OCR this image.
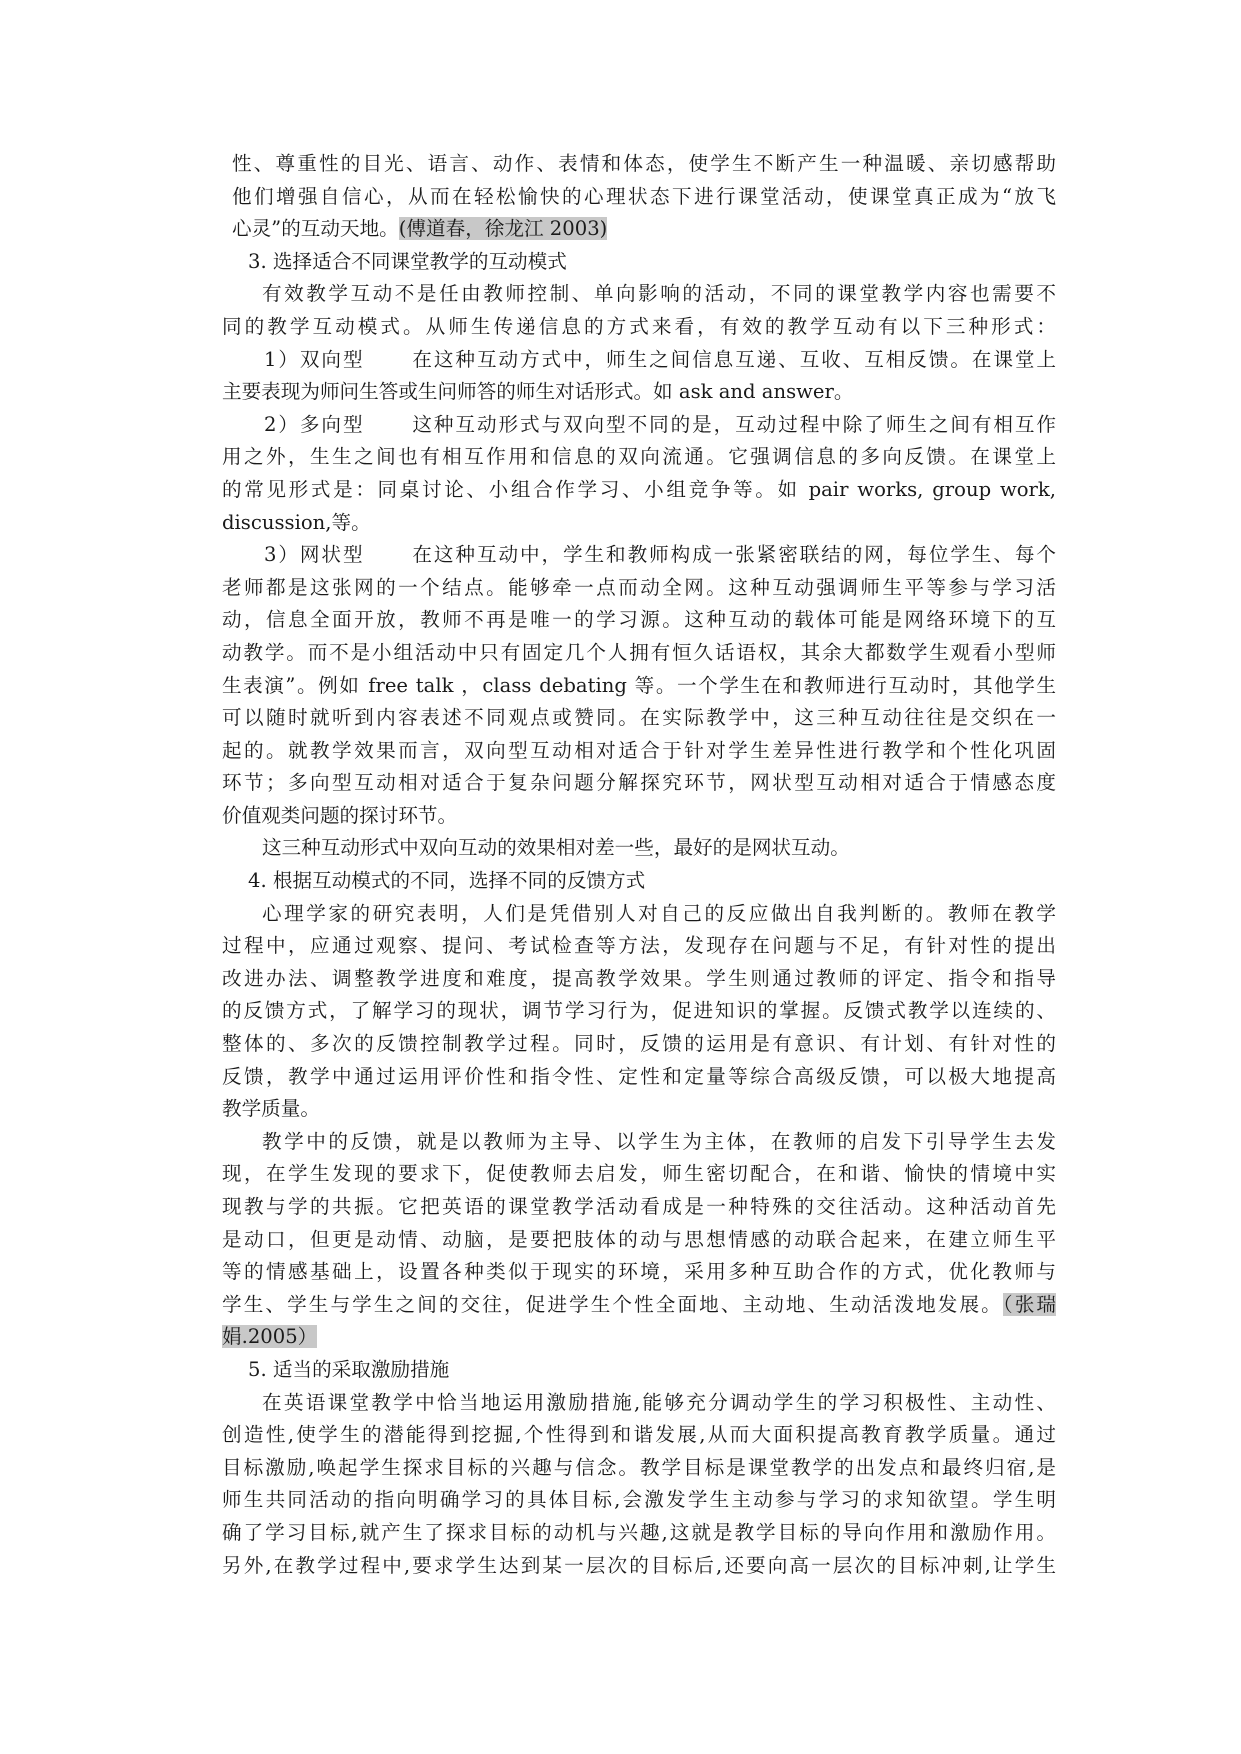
性、尊重性的目光、语言、动作、表情和体态，使学生不断产生一种温暖、亲切感帮助
他们增强自信心，从而在轻松愉快的心理状态下进行课堂活动，使课堂真正成为“放飞
心灵”的互动天地。(傅道春，徐龙江 2003)
3. 选择适合不同课堂教学的互动模式
有效教学互动不是任由教师控制、单向影响的活动，不同的课堂教学内容也需要不
同的教学互动模式。从师生传递信息的方式来看，有效的教学互动有以下三种形式：
1）双向型 在这种互动方式中，师生之间信息互递、互收、互相反馈。在课堂上
主要表现为师问生答或生问师答的师生对话形式。如 ask and answer。
2）多向型 这种互动形式与双向型不同的是，互动过程中除了师生之间有相互作
用之外，生生之间也有相互作用和信息的双向流通。它强调信息的多向反馈。在课堂上
的常见形式是：同桌讨论、小组合作学习、小组竞争等。如 pair works, group work,
discussion,等。
3）网状型 在这种互动中，学生和教师构成一张紧密联结的网，每位学生、每个
老师都是这张网的一个结点。能够牵一点而动全网。这种互动强调师生平等参与学习活
动，信息全面开放，教师不再是唯一的学习源。这种互动的载体可能是网络环境下的互
动教学。而不是小组活动中只有固定几个人拥有恒久话语权，其余大都数学生观看小型师
生表演”。例如 free talk ，class debating 等。一个学生在和教师进行互动时，其他学生
可以随时就听到内容表述不同观点或赞同。在实际教学中，这三种互动往往是交织在一
起的。就教学效果而言，双向型互动相对适合于针对学生差异性进行教学和个性化巩固
环节；多向型互动相对适合于复杂问题分解探究环节，网状型互动相对适合于情感态度
价值观类问题的探讨环节。
这三种互动形式中双向互动的效果相对差一些，最好的是网状互动。
4. 根据互动模式的不同，选择不同的反馈方式
心理学家的研究表明，人们是凭借别人对自己的反应做出自我判断的。教师在教学
过程中，应通过观察、提问、考试检查等方法，发现存在问题与不足，有针对性的提出
改进办法、调整教学进度和难度，提高教学效果。学生则通过教师的评定、指令和指导
的反馈方式，了解学习的现状，调节学习行为，促进知识的掌握。反馈式教学以连续的、
整体的、多次的反馈控制教学过程。同时，反馈的运用是有意识、有计划、有针对性的
反馈，教学中通过运用评价性和指令性、定性和定量等综合高级反馈，可以极大地提高
教学质量。
教学中的反馈，就是以教师为主导、以学生为主体，在教师的启发下引导学生去发
现，在学生发现的要求下，促使教师去启发，师生密切配合，在和谐、愉快的情境中实
现教与学的共振。它把英语的课堂教学活动看成是一种特殊的交往活动。这种活动首先
是动口，但更是动情、动脑，是要把肢体的动与思想情感的动联合起来，在建立师生平
等的情感基础上，设置各种类似于现实的环境，采用多种互助合作的方式，优化教师与
学生、学生与学生之间的交往，促进学生个性全面地、主动地、生动活泼地发展。（张瑞
娟.2005）
5. 适当的采取激励措施
在英语课堂教学中恰当地运用激励措施,能够充分调动学生的学习积极性、主动性、
创造性,使学生的潜能得到挖掘,个性得到和谐发展,从而大面积提高教育教学质量。通过
目标激励,唤起学生探求目标的兴趣与信念。教学目标是课堂教学的出发点和最终归宿,是
师生共同活动的指向明确学习的具体目标,会激发学生主动参与学习的求知欲望。学生明
确了学习目标,就产生了探求目标的动机与兴趣,这就是教学目标的导向作用和激励作用。
另外,在教学过程中,要求学生达到某一层次的目标后,还要向高一层次的目标冲刺,让学生
